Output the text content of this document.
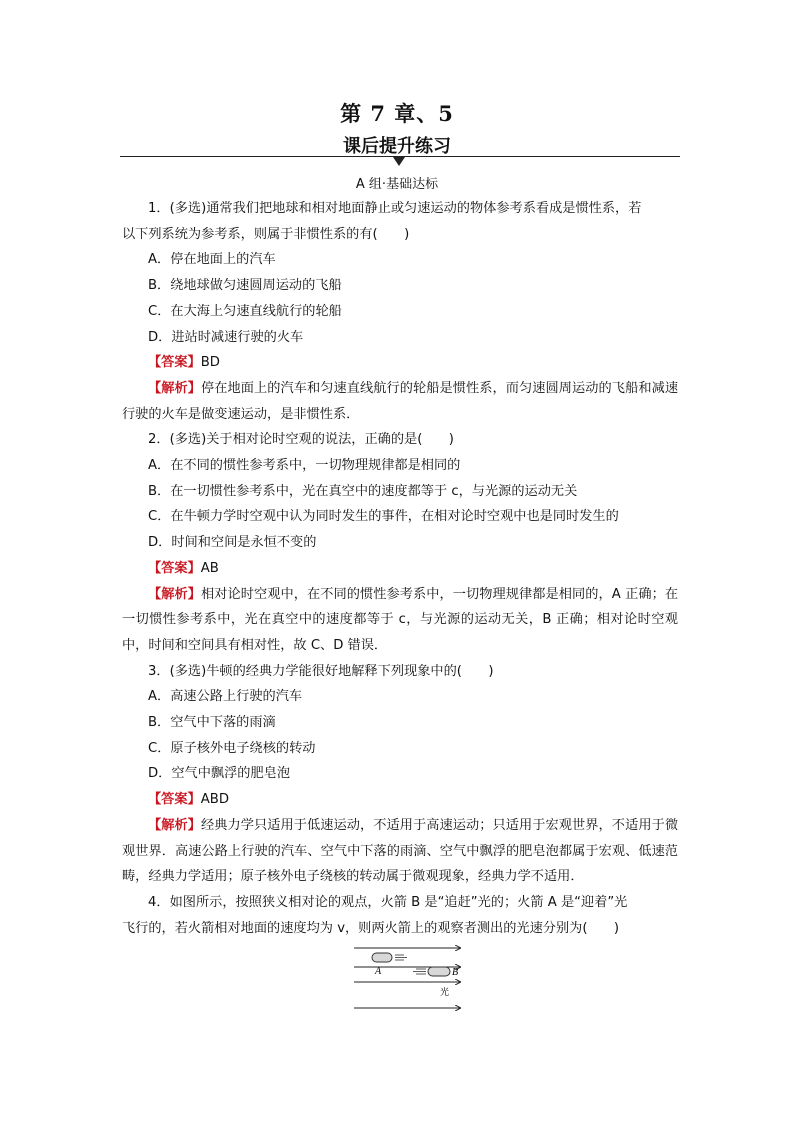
第 7 章、5
课后提升练习
A 组·基础达标
1．(多选)通常我们把地球和相对地面静止或匀速运动的物体参考系看成是惯性系，若
以下列系统为参考系，则属于非惯性系的有(　　)
A．停在地面上的汽车
B．绕地球做匀速圆周运动的飞船
C．在大海上匀速直线航行的轮船
D．进站时减速行驶的火车
【答案】BD
【解析】停在地面上的汽车和匀速直线航行的轮船是惯性系，而匀速圆周运动的飞船和减速行驶的火车是做变速运动，是非惯性系．
2．(多选)关于相对论时空观的说法，正确的是(　　)
A．在不同的惯性参考系中，一切物理规律都是相同的
B．在一切惯性参考系中，光在真空中的速度都等于 c，与光源的运动无关
C．在牛顿力学时空观中认为同时发生的事件，在相对论时空观中也是同时发生的
D．时间和空间是永恒不变的
【答案】AB
【解析】相对论时空观中，在不同的惯性参考系中，一切物理规律都是相同的，A 正确；在一切惯性参考系中，光在真空中的速度都等于 c，与光源的运动无关，B 正确；相对论时空观中，时间和空间具有相对性，故 C、D 错误．
3．(多选)牛顿的经典力学能很好地解释下列现象中的(　　)
A．高速公路上行驶的汽车
B．空气中下落的雨滴
C．原子核外电子绕核的转动
D．空气中飘浮的肥皂泡
【答案】ABD
【解析】经典力学只适用于低速运动，不适用于高速运动；只适用于宏观世界，不适用于微观世界．高速公路上行驶的汽车、空气中下落的雨滴、空气中飘浮的肥皂泡都属于宏观、低速范畴，经典力学适用；原子核外电子绕核的转动属于微观现象，经典力学不适用．
4．如图所示，按照狭义相对论的观点，火箭 B 是“追赶”光的；火箭 A 是“迎着”光
飞行的，若火箭相对地面的速度均为 v，则两火箭上的观察者测出的光速分别为(　　)
A	B
光
